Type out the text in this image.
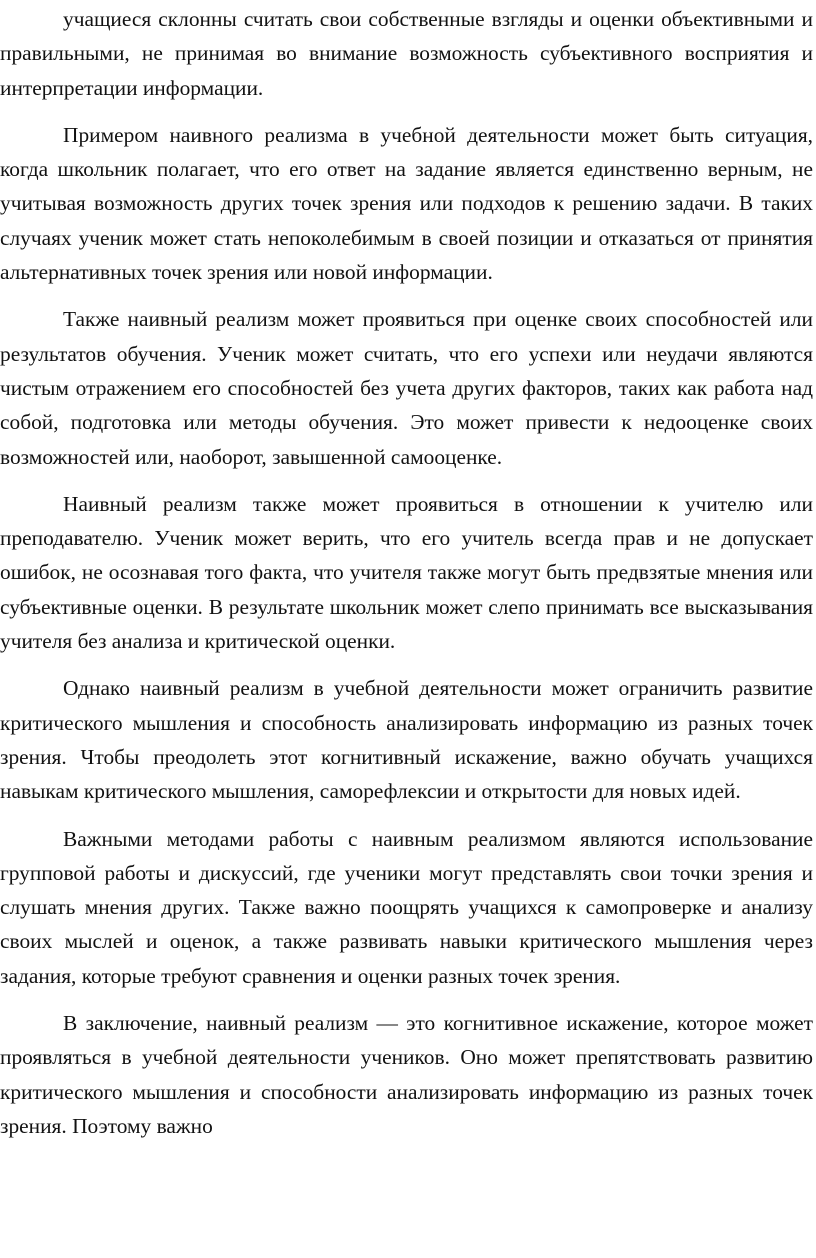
учащиеся склонны считать свои собственные взгляды и оценки объективными и правильными, не принимая во внимание возможность субъективного восприятия и интерпретации информации.

Примером наивного реализма в учебной деятельности может быть ситуация, когда школьник полагает, что его ответ на задание является единственно верным, не учитывая возможность других точек зрения или подходов к решению задачи. В таких случаях ученик может стать непоколебимым в своей позиции и отказаться от принятия альтернативных точек зрения или новой информации.

Также наивный реализм может проявиться при оценке своих способностей или результатов обучения. Ученик может считать, что его успехи или неудачи являются чистым отражением его способностей без учета других факторов, таких как работа над собой, подготовка или методы обучения. Это может привести к недооценке своих возможностей или, наоборот, завышенной самооценке.

Наивный реализм также может проявиться в отношении к учителю или преподавателю. Ученик может верить, что его учитель всегда прав и не допускает ошибок, не осознавая того факта, что учителя также могут быть предвзятые мнения или субъективные оценки. В результате школьник может слепо принимать все высказывания учителя без анализа и критической оценки.

Однако наивный реализм в учебной деятельности может ограничить развитие критического мышления и способность анализировать информацию из разных точек зрения. Чтобы преодолеть этот когнитивный искажение, важно обучать учащихся навыкам критического мышления, саморефлексии и открытости для новых идей.

Важными методами работы с наивным реализмом являются использование групповой работы и дискуссий, где ученики могут представлять свои точки зрения и слушать мнения других. Также важно поощрять учащихся к самопроверке и анализу своих мыслей и оценок, а также развивать навыки критического мышления через задания, которые требуют сравнения и оценки разных точек зрения.

В заключение, наивный реализм — это когнитивное искажение, которое может проявляться в учебной деятельности учеников. Оно может препятствовать развитию критического мышления и способности анализировать информацию из разных точек зрения. Поэтому важно
